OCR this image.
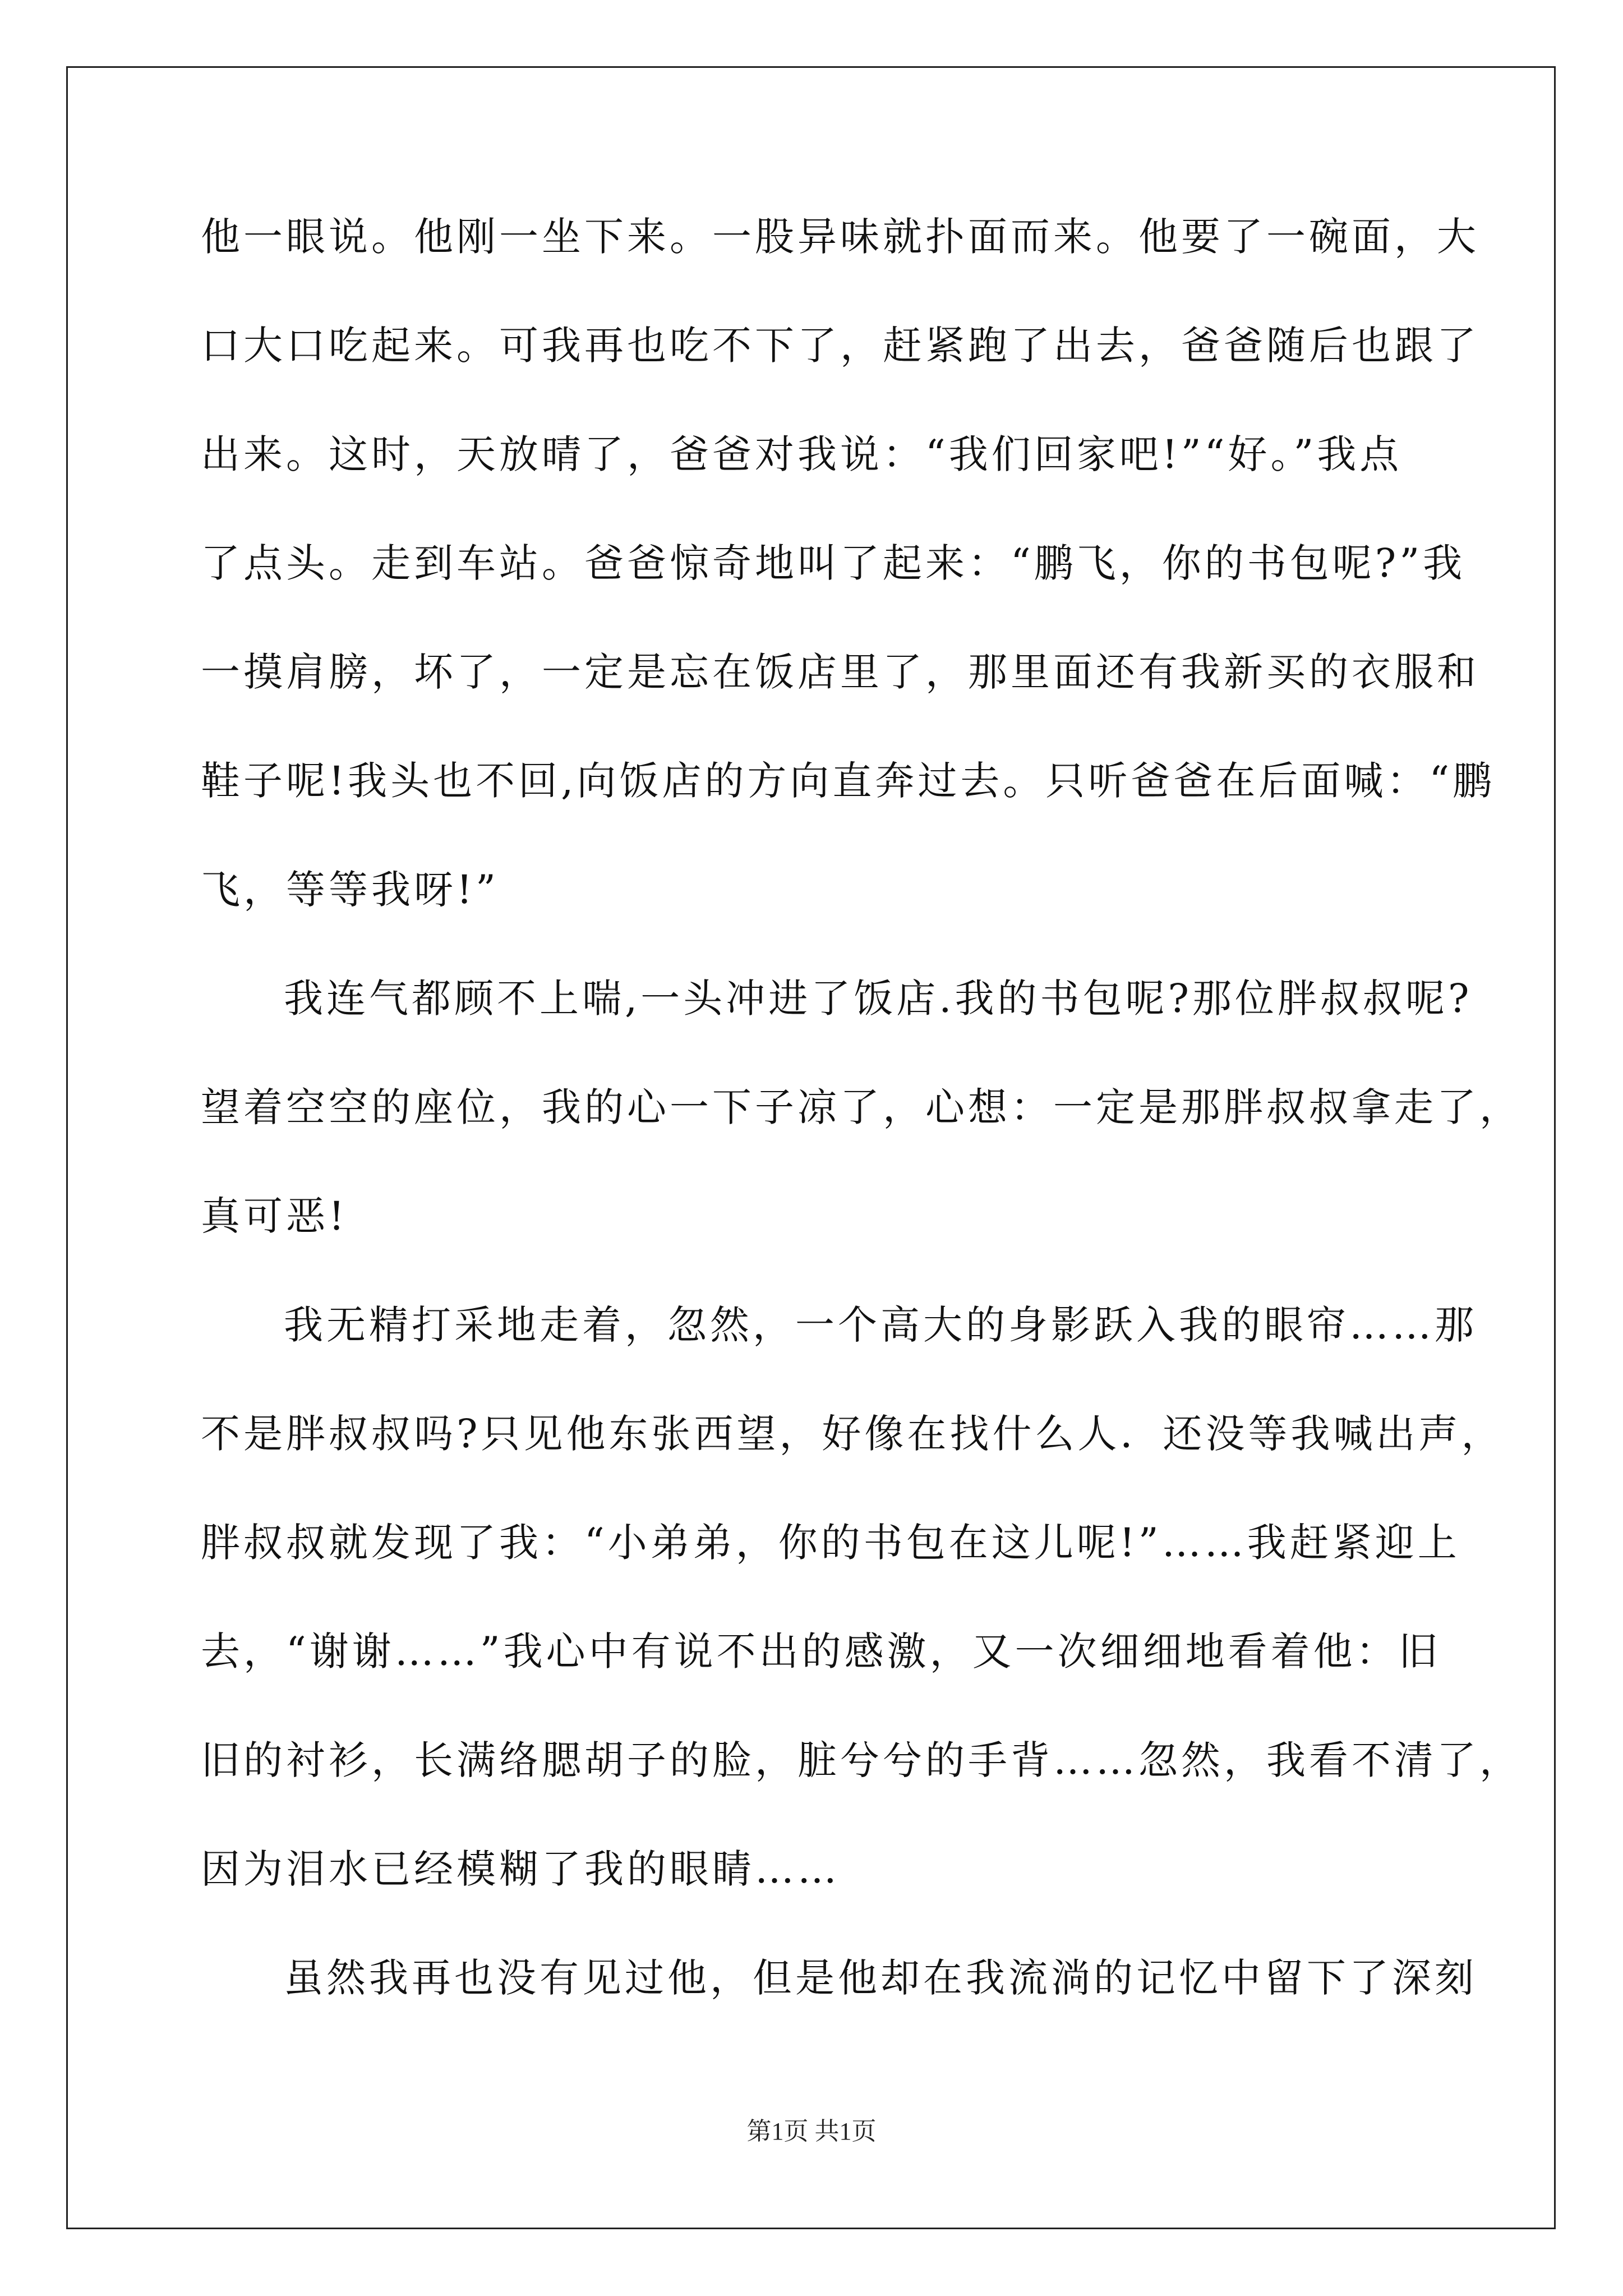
他一眼说。他刚一坐下来。一股异味就扑面而来。他要了一碗面，大
口大口吃起来。可我再也吃不下了，赶紧跑了出去，爸爸随后也跟了
出来。这时，天放晴了，爸爸对我说：“我们回家吧!”“好。”我点
了点头。走到车站。爸爸惊奇地叫了起来：“鹏飞，你的书包呢?”我
一摸肩膀，坏了，一定是忘在饭店里了，那里面还有我新买的衣服和
鞋子呢!我头也不回,向饭店的方向直奔过去。只听爸爸在后面喊：“鹏
飞，等等我呀!”
我连气都顾不上喘,一头冲进了饭店.我的书包呢?那位胖叔叔呢?
望着空空的座位，我的心一下子凉了，心想：一定是那胖叔叔拿走了，
真可恶!
我无精打采地走着，忽然，一个高大的身影跃入我的眼帘……那
不是胖叔叔吗?只见他东张西望，好像在找什么人．还没等我喊出声，
胖叔叔就发现了我：“小弟弟，你的书包在这儿呢!”……我赶紧迎上
去，“谢谢……”我心中有说不出的感激，又一次细细地看着他：旧
旧的衬衫，长满络腮胡子的脸，脏兮兮的手背……忽然，我看不清了，
因为泪水已经模糊了我的眼睛……
虽然我再也没有见过他，但是他却在我流淌的记忆中留下了深刻
第1页 共1页
